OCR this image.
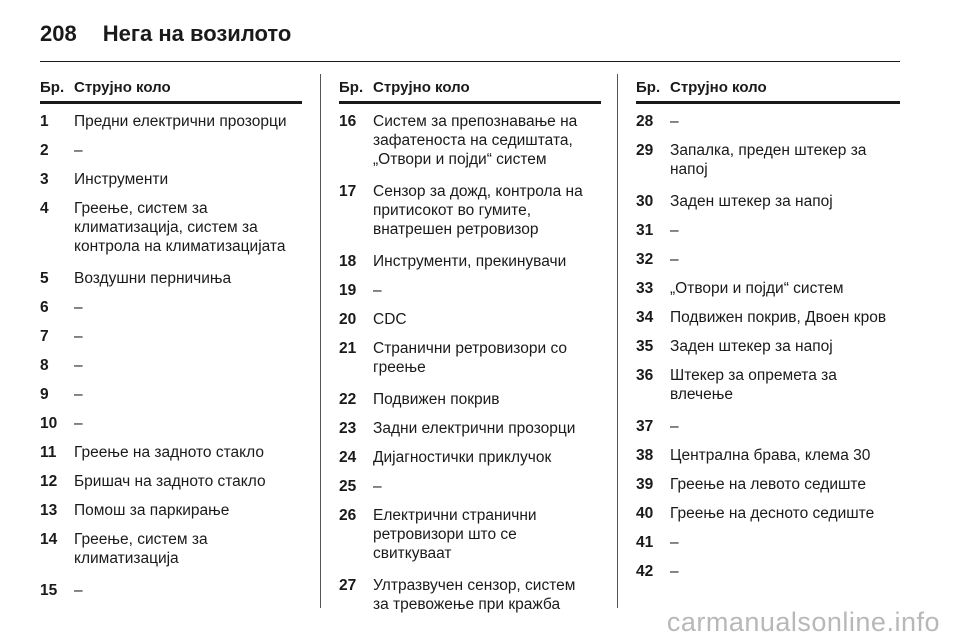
208 Нега на возилото
Бр. Струјно коло
1	Предни електрични прозорци
2	–
3	Инструменти
4	Греење, систем за
климатизација, систем за
контрола на климатизацијата
5	Воздушни перничиња
6	–
7	–
8	–
9	–
10	–
11	Греење на задното стакло
12	Бришач на задното стакло
13	Помош за паркирање
14	Греење, систем за
климатизација
15	–
Бр. Струјно коло
16	Систем за препознавање на
зафатеноста на седиштата,
„Отвори и појди“ систем
17	Сензор за дожд, контрола на
притисокот во гумите,
внатрешен ретровизор
18	Инструменти, прекинувачи
19	–
20	CDC
21	Странични ретровизори со
греење
22	Подвижен покрив
23	Задни електрични прозорци
24	Дијагностички приклучок
25	–
26	Електрични странични
ретровизори што се
свиткуваат
27	Ултразвучен сензор, систем
за тревожење при кражба
Бр. Струјно коло
28	–
29	Запалка, преден штекер за
напој
30	Заден штекер за напој
31	–
32	–
33	„Отвори и појди“ систем
34	Подвижен покрив, Двоен кров
35	Заден штекер за напој
36	Штекер за опремета за
влечење
37	–
38	Централна брава, клема 30
39	Греење на левото седиште
40	Греење на десното седиште
41	–
42	–
carmanualsonline.info
